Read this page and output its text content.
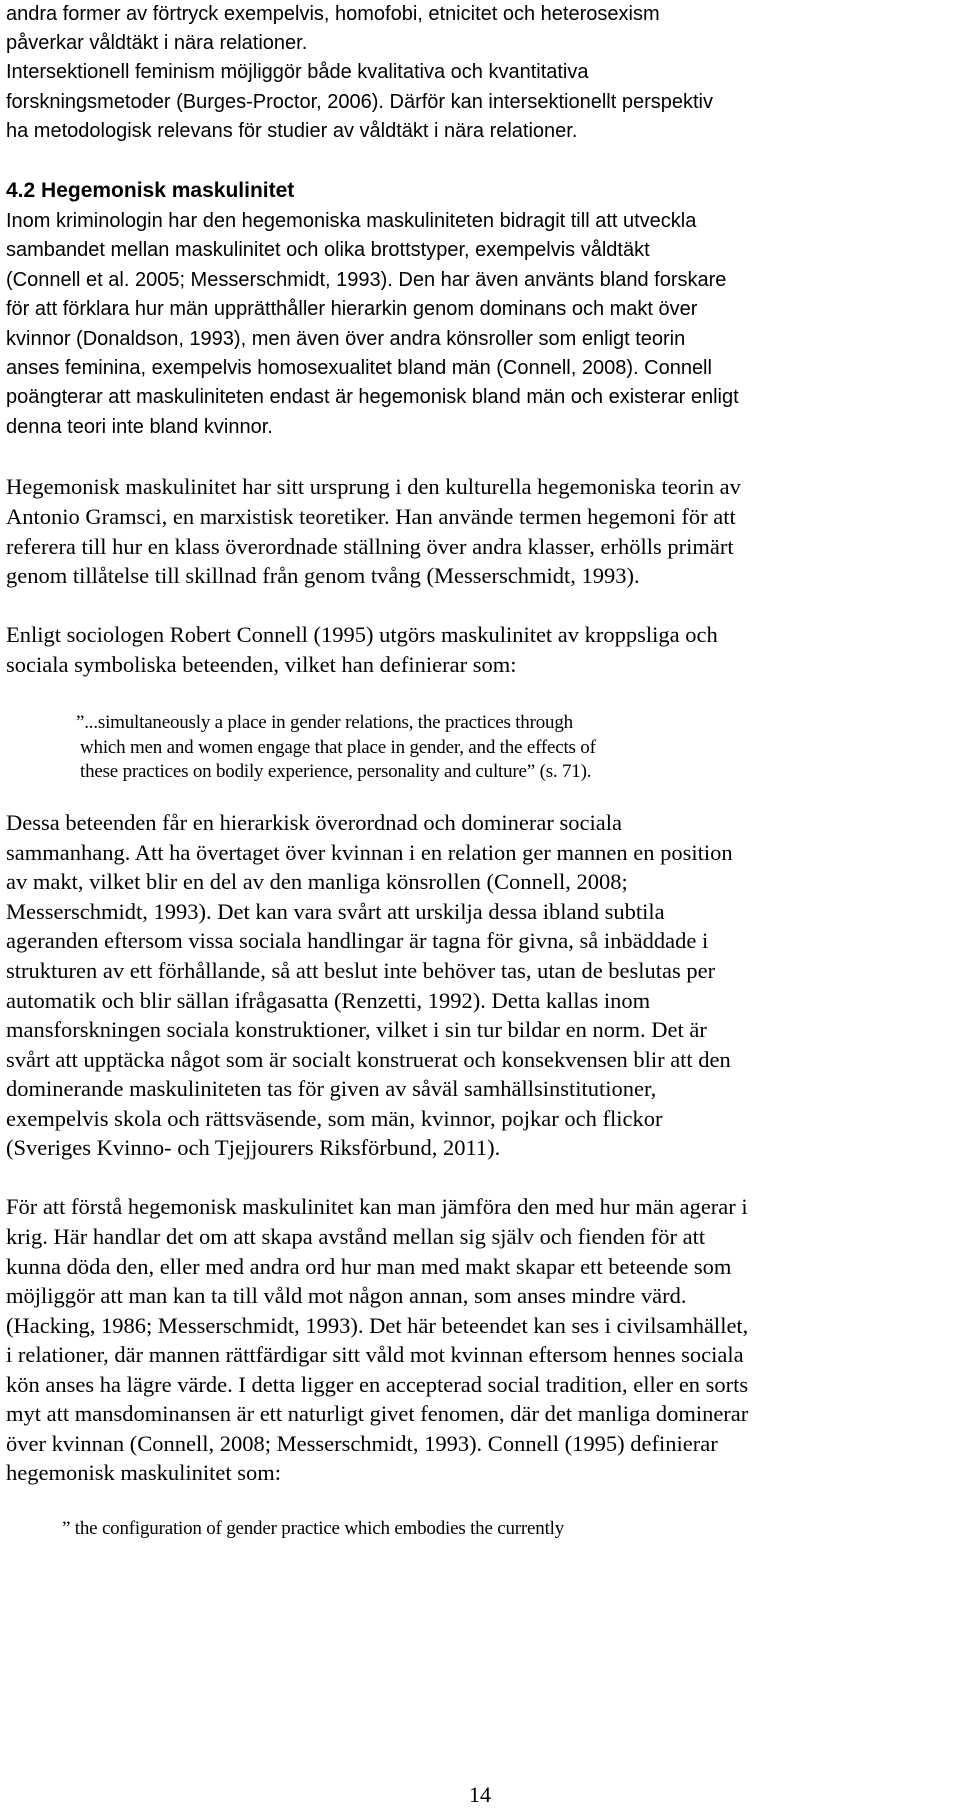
andra former av förtryck exempelvis, homofobi, etnicitet och heterosexism
påverkar våldtäkt i nära relationer.
Intersektionell feminism möjliggör både kvalitativa och kvantitativa
forskningsmetoder (Burges-Proctor, 2006). Därför kan intersektionellt perspektiv
ha metodologisk relevans för studier av våldtäkt i nära relationer.
4.2 Hegemonisk maskulinitet
Inom kriminologin har den hegemoniska maskuliniteten bidragit till att utveckla
sambandet mellan maskulinitet och olika brottstyper, exempelvis våldtäkt
(Connell et al. 2005; Messerschmidt, 1993). Den har även använts bland forskare
för att förklara hur män upprätthåller hierarkin genom dominans och makt över
kvinnor (Donaldson, 1993), men även över andra könsroller som enligt teorin
anses feminina, exempelvis homosexualitet bland män (Connell, 2008). Connell
poängterar att maskuliniteten endast är hegemonisk bland män och existerar enligt
denna teori inte bland kvinnor.
Hegemonisk maskulinitet har sitt ursprung i den kulturella hegemoniska teorin av
Antonio Gramsci, en marxistisk teoretiker. Han använde termen hegemoni för att
referera till hur en klass överordnade ställning över andra klasser, erhölls primärt
genom tillåtelse till skillnad från genom tvång (Messerschmidt, 1993).
Enligt sociologen Robert Connell (1995) utgörs maskulinitet av kroppsliga och
sociala symboliska beteenden, vilket han definierar som:
”...simultaneously a place in gender relations, the practices through
which men and women engage that place in gender, and the effects of
these practices on bodily experience, personality and culture” (s. 71).
Dessa beteenden får en hierarkisk överordnad och dominerar sociala
sammanhang. Att ha övertaget över kvinnan i en relation ger mannen en position
av makt, vilket blir en del av den manliga könsrollen (Connell, 2008;
Messerschmidt, 1993). Det kan vara svårt att urskilja dessa ibland subtila
ageranden eftersom vissa sociala handlingar är tagna för givna, så inbäddade i
strukturen av ett förhållande, så att beslut inte behöver tas, utan de beslutas per
automatik och blir sällan ifrågasatta (Renzetti, 1992). Detta kallas inom
mansforskningen sociala konstruktioner, vilket i sin tur bildar en norm. Det är
svårt att upptäcka något som är socialt konstruerat och konsekvensen blir att den
dominerande maskuliniteten tas för given av såväl samhällsinstitutioner,
exempelvis skola och rättsväsende, som män, kvinnor, pojkar och flickor
(Sveriges Kvinno- och Tjejjourers Riksförbund, 2011).
För att förstå hegemonisk maskulinitet kan man jämföra den med hur män agerar i
krig. Här handlar det om att skapa avstånd mellan sig själv och fienden för att
kunna döda den, eller med andra ord hur man med makt skapar ett beteende som
möjliggör att man kan ta till våld mot någon annan, som anses mindre värd.
(Hacking, 1986; Messerschmidt, 1993). Det här beteendet kan ses i civilsamhället,
i relationer, där mannen rättfärdigar sitt våld mot kvinnan eftersom hennes sociala
kön anses ha lägre värde. I detta ligger en accepterad social tradition, eller en sorts
myt att mansdominansen är ett naturligt givet fenomen, där det manliga dominerar
över kvinnan (Connell, 2008; Messerschmidt, 1993). Connell (1995) definierar
hegemonisk maskulinitet som:
” the configuration of gender practice which embodies the currently
14
